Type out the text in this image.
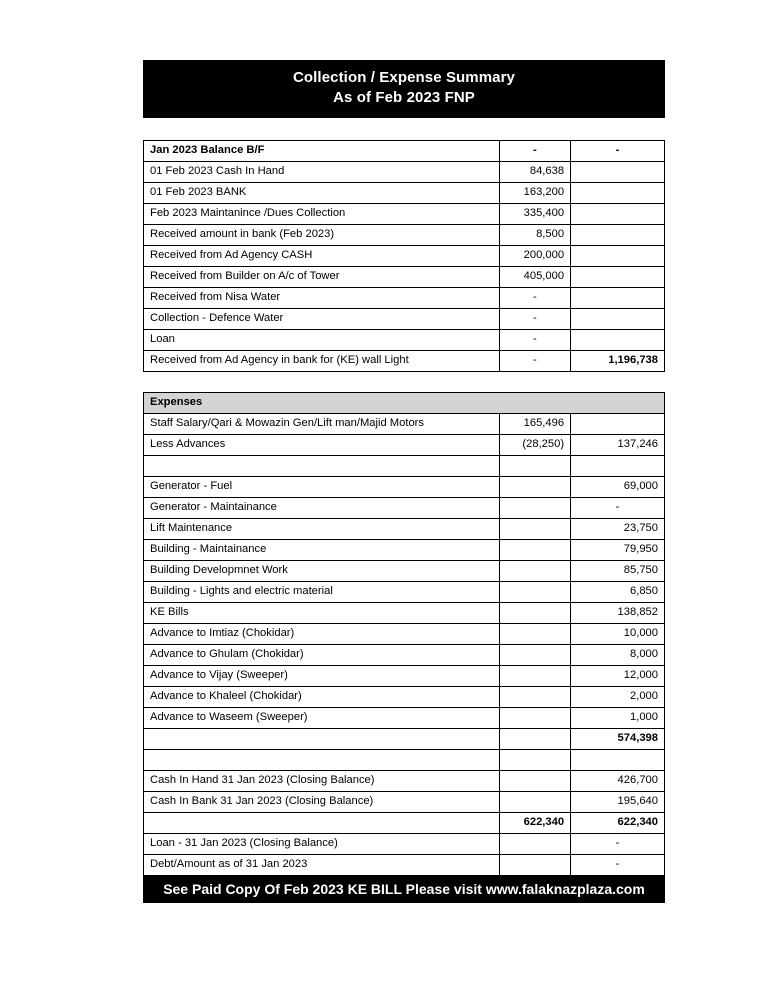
Collection / Expense Summary
As of Feb 2023 FNP
Jan 2023 Balance B/F	-	-
01 Feb 2023 Cash In Hand	84,638	
01 Feb 2023 BANK	163,200	
Feb 2023 Maintanince /Dues Collection	335,400	
Received amount in bank (Feb 2023)	8,500	
Received from Ad Agency CASH	200,000	
Received from Builder on A/c of Tower	405,000	
Received from Nisa Water	-	
Collection - Defence Water	-	
Loan	-	
Received from Ad Agency in bank for (KE) wall Light	-	1,196,738
Expenses		
Staff Salary/Qari & Mowazin Gen/Lift man/Majid Motors	165,496	
Less Advances	(28,250)	137,246

Generator - Fuel		69,000
Generator - Maintainance		-
Lift Maintenance		23,750
Building - Maintainance		79,950
Building Developmnet Work		85,750
Building - Lights and electric material		6,850
KE Bills		138,852
Advance to Imtiaz (Chokidar)		10,000
Advance to Ghulam (Chokidar)		8,000
Advance to Vijay (Sweeper)		12,000
Advance to Khaleel (Chokidar)		2,000
Advance to Waseem (Sweeper)		1,000
		574,398

Cash In Hand 31 Jan 2023 (Closing Balance)		426,700
Cash In Bank 31 Jan 2023 (Closing Balance)		195,640
	622,340	622,340
Loan - 31 Jan 2023 (Closing Balance)		-
Debt/Amount as of 31 Jan 2023		-
See Paid Copy Of Feb 2023 KE BILL Please visit www.falaknazplaza.com
